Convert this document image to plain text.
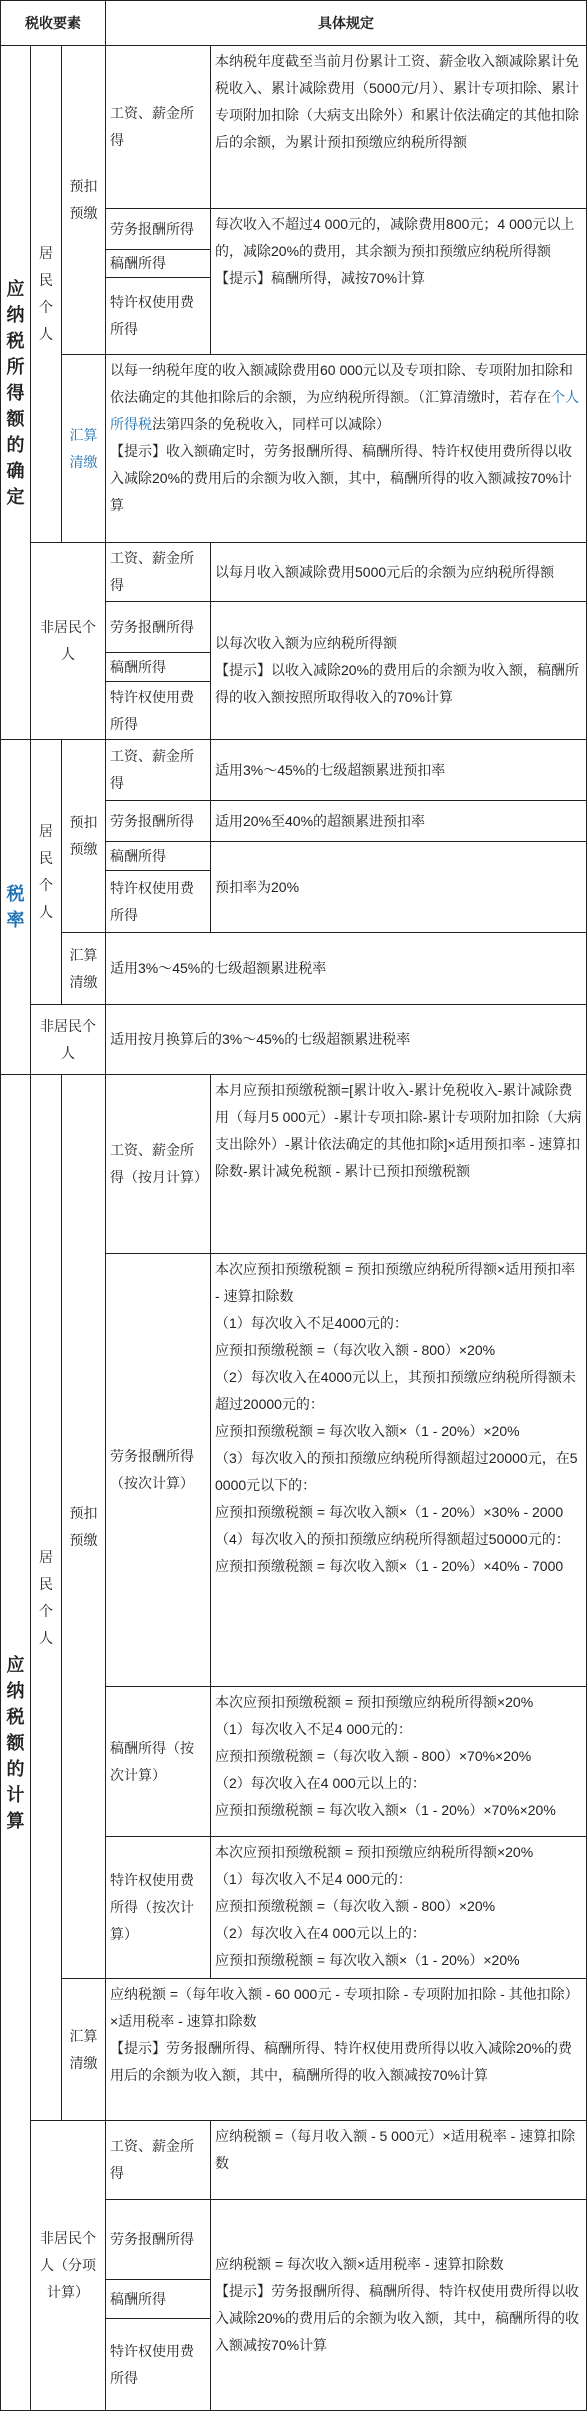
税收要素	具体规定
应纳税所得额的确定
居民个人
预扣预缴
工资、薪金所得
本纳税年度截至当前月份累计工资、薪金收入额减除累计免税收入、累计减除费用（5000元/月）、累计专项扣除、累计专项附加扣除（大病支出除外）和累计依法确定的其他扣除后的余额，为累计预扣预缴应纳税所得额
劳务报酬所得
稿酬所得
特许权使用费所得

每次收入不超过4 000元的，减除费用800元；4 000元以上的，减除20%的费用，其余额为预扣预缴应纳税所得额

【提示】稿酬所得，减按70%计算

汇算清缴

以每一纳税年度的收入额减除费用60 000元以及专项扣除、专项附加扣除和依法确定的其他扣除后的余额，为应纳税所得额。（汇算清缴时，若存在个人所得税法第四条的免税收入，同样可以减除）

【提示】收入额确定时，劳务报酬所得、稿酬所得、特许权使用费所得以收入减除20%的费用后的余额为收入额，其中，稿酬所得的收入额减按70%计算

非居民个人
工资、薪金所得

以每月收入额减除费用5000元后的余额为应纳税所得额

劳务报酬所得
稿酬所得
特许权使用费所得

以每次收入额为应纳税所得额

【提示】以收入减除20%的费用后的余额为收入额，稿酬所得的收入额按照所取得收入的70%计算

税率
居民个人
预扣预缴
工资、薪金所得
适用3%～45%的七级超额累进预扣率
劳务报酬所得	适用20%至40%的超额累进预扣率
稿酬所得
特许权使用费所得
预扣率为20%
汇算清缴
适用3%～45%的七级超额累进税率
非居民个人
适用按月换算后的3%～45%的七级超额累进税率
应纳税额的计算
居民个人
预扣预缴
工资、薪金所得（按月计算）
本月应预扣预缴税额=[累计收入-累计免税收入-累计减除费用（每月5 000元）-累计专项扣除-累计专项附加扣除（大病支出除外）-累计依法确定的其他扣除]×适用预扣率 - 速算扣除数-累计减免税额 - 累计已预扣预缴税额
劳务报酬所得（按次计算）

本次应预扣预缴税额 = 预扣预缴应纳税所得额×适用预扣率 - 速算扣除数

（1）每次收入不足4000元的：

应预扣预缴税额 =（每次收入额 - 800）×20%

（2）每次收入在4000元以上，其预扣预缴应纳税所得额未超过20000元的：

应预扣预缴税额 = 每次收入额×（1 - 20%）×20%

（3）每次收入的预扣预缴应纳税所得额超过20000元，在50000元以下的：

应预扣预缴税额 = 每次收入额×（1 - 20%）×30% - 2000

（4）每次收入的预扣预缴应纳税所得额超过50000元的：

应预扣预缴税额 = 每次收入额×（1 - 20%）×40% - 7000

稿酬所得（按次计算）

本次应预扣预缴税额 = 预扣预缴应纳税所得额×20%

（1）每次收入不足4 000元的：

应预扣预缴税额 =（每次收入额 - 800）×70%×20%

（2）每次收入在4 000元以上的：

应预扣预缴税额 = 每次收入额×（1 - 20%）×70%×20%

特许权使用费所得（按次计算）

本次应预扣预缴税额 = 预扣预缴应纳税所得额×20%

（1）每次收入不足4 000元的：

应预扣预缴税额 =（每次收入额 - 800）×20%

（2）每次收入在4 000元以上的：

应预扣预缴税额 = 每次收入额×（1 - 20%）×20%

汇算清缴

应纳税额 =（每年收入额 - 60 000元 - 专项扣除 - 专项附加扣除 - 其他扣除）×适用税率 - 速算扣除数

【提示】劳务报酬所得、稿酬所得、特许权使用费所得以收入减除20%的费用后的余额为收入额，其中，稿酬所得的收入额减按70%计算

非居民个人（分项计算）
工资、薪金所得
应纳税额 =（每月收入额 - 5 000元）×适用税率 - 速算扣除数
劳务报酬所得
稿酬所得
特许权使用费所得

应纳税额 = 每次收入额×适用税率 - 速算扣除数

【提示】劳务报酬所得、稿酬所得、特许权使用费所得以收入减除20%的费用后的余额为收入额，其中，稿酬所得的收入额减按70%计算
